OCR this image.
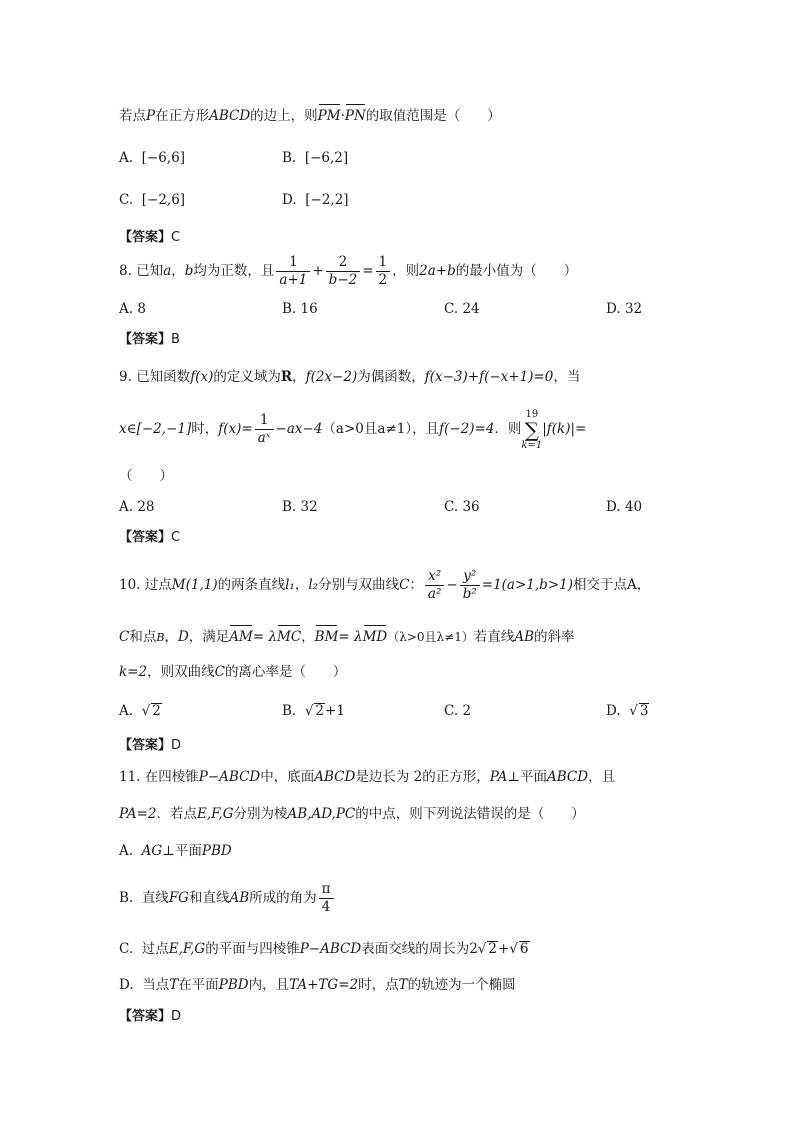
若点P在正方形ABCD的边上，则PM·PN的取值范围是（　　）
A. [−6,6]	B. [−6,2]
C. [−2,6]	D. [−2,2]
【答案】C
8. 已知a，b均为正数，且 $\frac{1}{a+1} + \frac{2}{b-2} = \frac{1}{2}$ ，则2a+b的最小值为（　　）
A. 8	B. 16	C. 24	D. 32
【答案】B
9. 已知函数f(x)的定义域为R，f(2x−2)为偶函数，f(x−3)+f(−x+1)=0，当
x∈[−2,−1]时，$f(x)= \frac{1}{\text{aˣ}} -ax-4(a>0$且a≠1），且f(−2)=4．则19
∑
k=1|f(k)|=
（　　）
A. 28	B. 32	C. 36	D. 40
【答案】C
10. 过点M(1,1)的两条直线l₁，l₂分别与双曲线C： $\frac{\text{x²}}{\text{a²}} - \frac{\text{y²}}{\text{b²}} =1(a>1,b>1)$相交于点A，
C和点B，D，满足AM= λMC，BM= λMD（λ>0且λ≠1）若直线AB的斜率
k=2，则双曲线C的离心率是（　　）
A. √ 2	B. √ 2+1	C. 2	D. √ 3
【答案】D
11. 在四棱锥P−ABCD中，底面ABCD是边长为 2的正方形，PA⊥平面ABCD，且
PA=2．若点E,F,G分别为棱AB,AD,PC的中点，则下列说法错误的是（　　）
A. AG⊥平面PBD
B. 直线FG和直线AB所成的角为 $\frac{\pi}{4}$
C. 过点E,F,G的平面与四棱锥P−ABCD表面交线的周长为2√ 2+√ 6
D. 当点T在平面PBD内，且TA+TG=2时，点T的轨迹为一个椭圆
【答案】D
